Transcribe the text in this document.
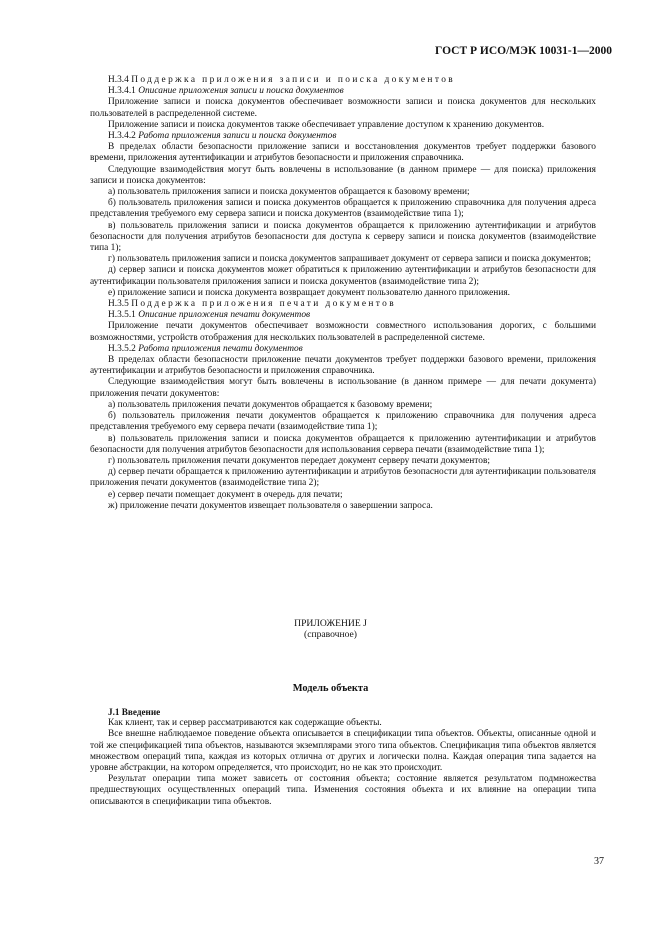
ГОСТ Р ИСО/МЭК 10031-1—2000

Н.3.4 Поддержка приложения записи и поиска документов

Н.3.4.1 Описание приложения записи и поиска документов

Приложение записи и поиска документов обеспечивает возможности записи и поиска документов для нескольких пользователей в распределенной системе.

Приложение записи и поиска документов также обеспечивает управление доступом к хранению документов.

Н.3.4.2 Работа приложения записи и поиска документов

В пределах области безопасности приложение записи и восстановления документов требует поддержки базового времени, приложения аутентификации и атрибутов безопасности и приложения справочника.

Следующие взаимодействия могут быть вовлечены в использование (в данном примере — для поиска) приложения записи и поиска документов:

а) пользователь приложения записи и поиска документов обращается к базовому времени;

б) пользователь приложения записи и поиска документов обращается к приложению справочника для получения адреса представления требуемого ему сервера записи и поиска документов (взаимодействие типа 1);

в) пользователь приложения записи и поиска документов обращается к приложению аутентификации и атрибутов безопасности для получения атрибутов безопасности для доступа к серверу записи и поиска документов (взаимодействие типа 1);

г) пользователь приложения записи и поиска документов запрашивает документ от сервера записи и поиска документов;

д) сервер записи и поиска документов может обратиться к приложению аутентификации и атрибутов безопасности для аутентификации пользователя приложения записи и поиска документов (взаимодействие типа 2);

е) приложение записи и поиска документа возвращает документ пользователю данного приложения.

Н.3.5 Поддержка приложения печати документов

Н.3.5.1 Описание приложения печати документов

Приложение печати документов обеспечивает возможности совместного использования дорогих, с большими возможностями, устройств отображения для нескольких пользователей в распределенной системе.

Н.3.5.2 Работа приложения печати документов

В пределах области безопасности приложение печати документов требует поддержки базового времени, приложения аутентификации и атрибутов безопасности и приложения справочника.

Следующие взаимодействия могут быть вовлечены в использование (в данном примере — для печати документа) приложения печати документов:

а) пользователь приложения печати документов обращается к базовому времени;

б) пользователь приложения печати документов обращается к приложению справочника для получения адреса представления требуемого ему сервера печати (взаимодействие типа 1);

в) пользователь приложения записи и поиска документов обращается к приложению аутентификации и атрибутов безопасности для получения атрибутов безопасности для использования сервера печати (взаимодействие типа 1);

г) пользователь приложения печати документов передает документ серверу печати документов;

д) сервер печати обращается к приложению аутентификации и атрибутов безопасности для аутентификации пользователя приложения печати документов (взаимодействие типа 2);

е) сервер печати помещает документ в очередь для печати;

ж) приложение печати документов извещает пользователя о завершении запроса.

ПРИЛОЖЕНИЕ J
(справочное)
Модель объекта

J.1 Введение

Как клиент, так и сервер рассматриваются как содержащие объекты.

Все внешне наблюдаемое поведение объекта описывается в спецификации типа объектов. Объекты, описанные одной и той же спецификацией типа объектов, называются экземплярами этого типа объектов. Спецификация типа объектов является множеством операций типа, каждая из которых отлична от других и логически полна. Каждая операция типа задается на уровне абстракции, на котором определяется, что происходит, но не как это происходит.

Результат операции типа может зависеть от состояния объекта; состояние является результатом подмножества предшествующих осуществленных операций типа. Изменения состояния объекта и их влияние на операции типа описываются в спецификации типа объектов.

37
